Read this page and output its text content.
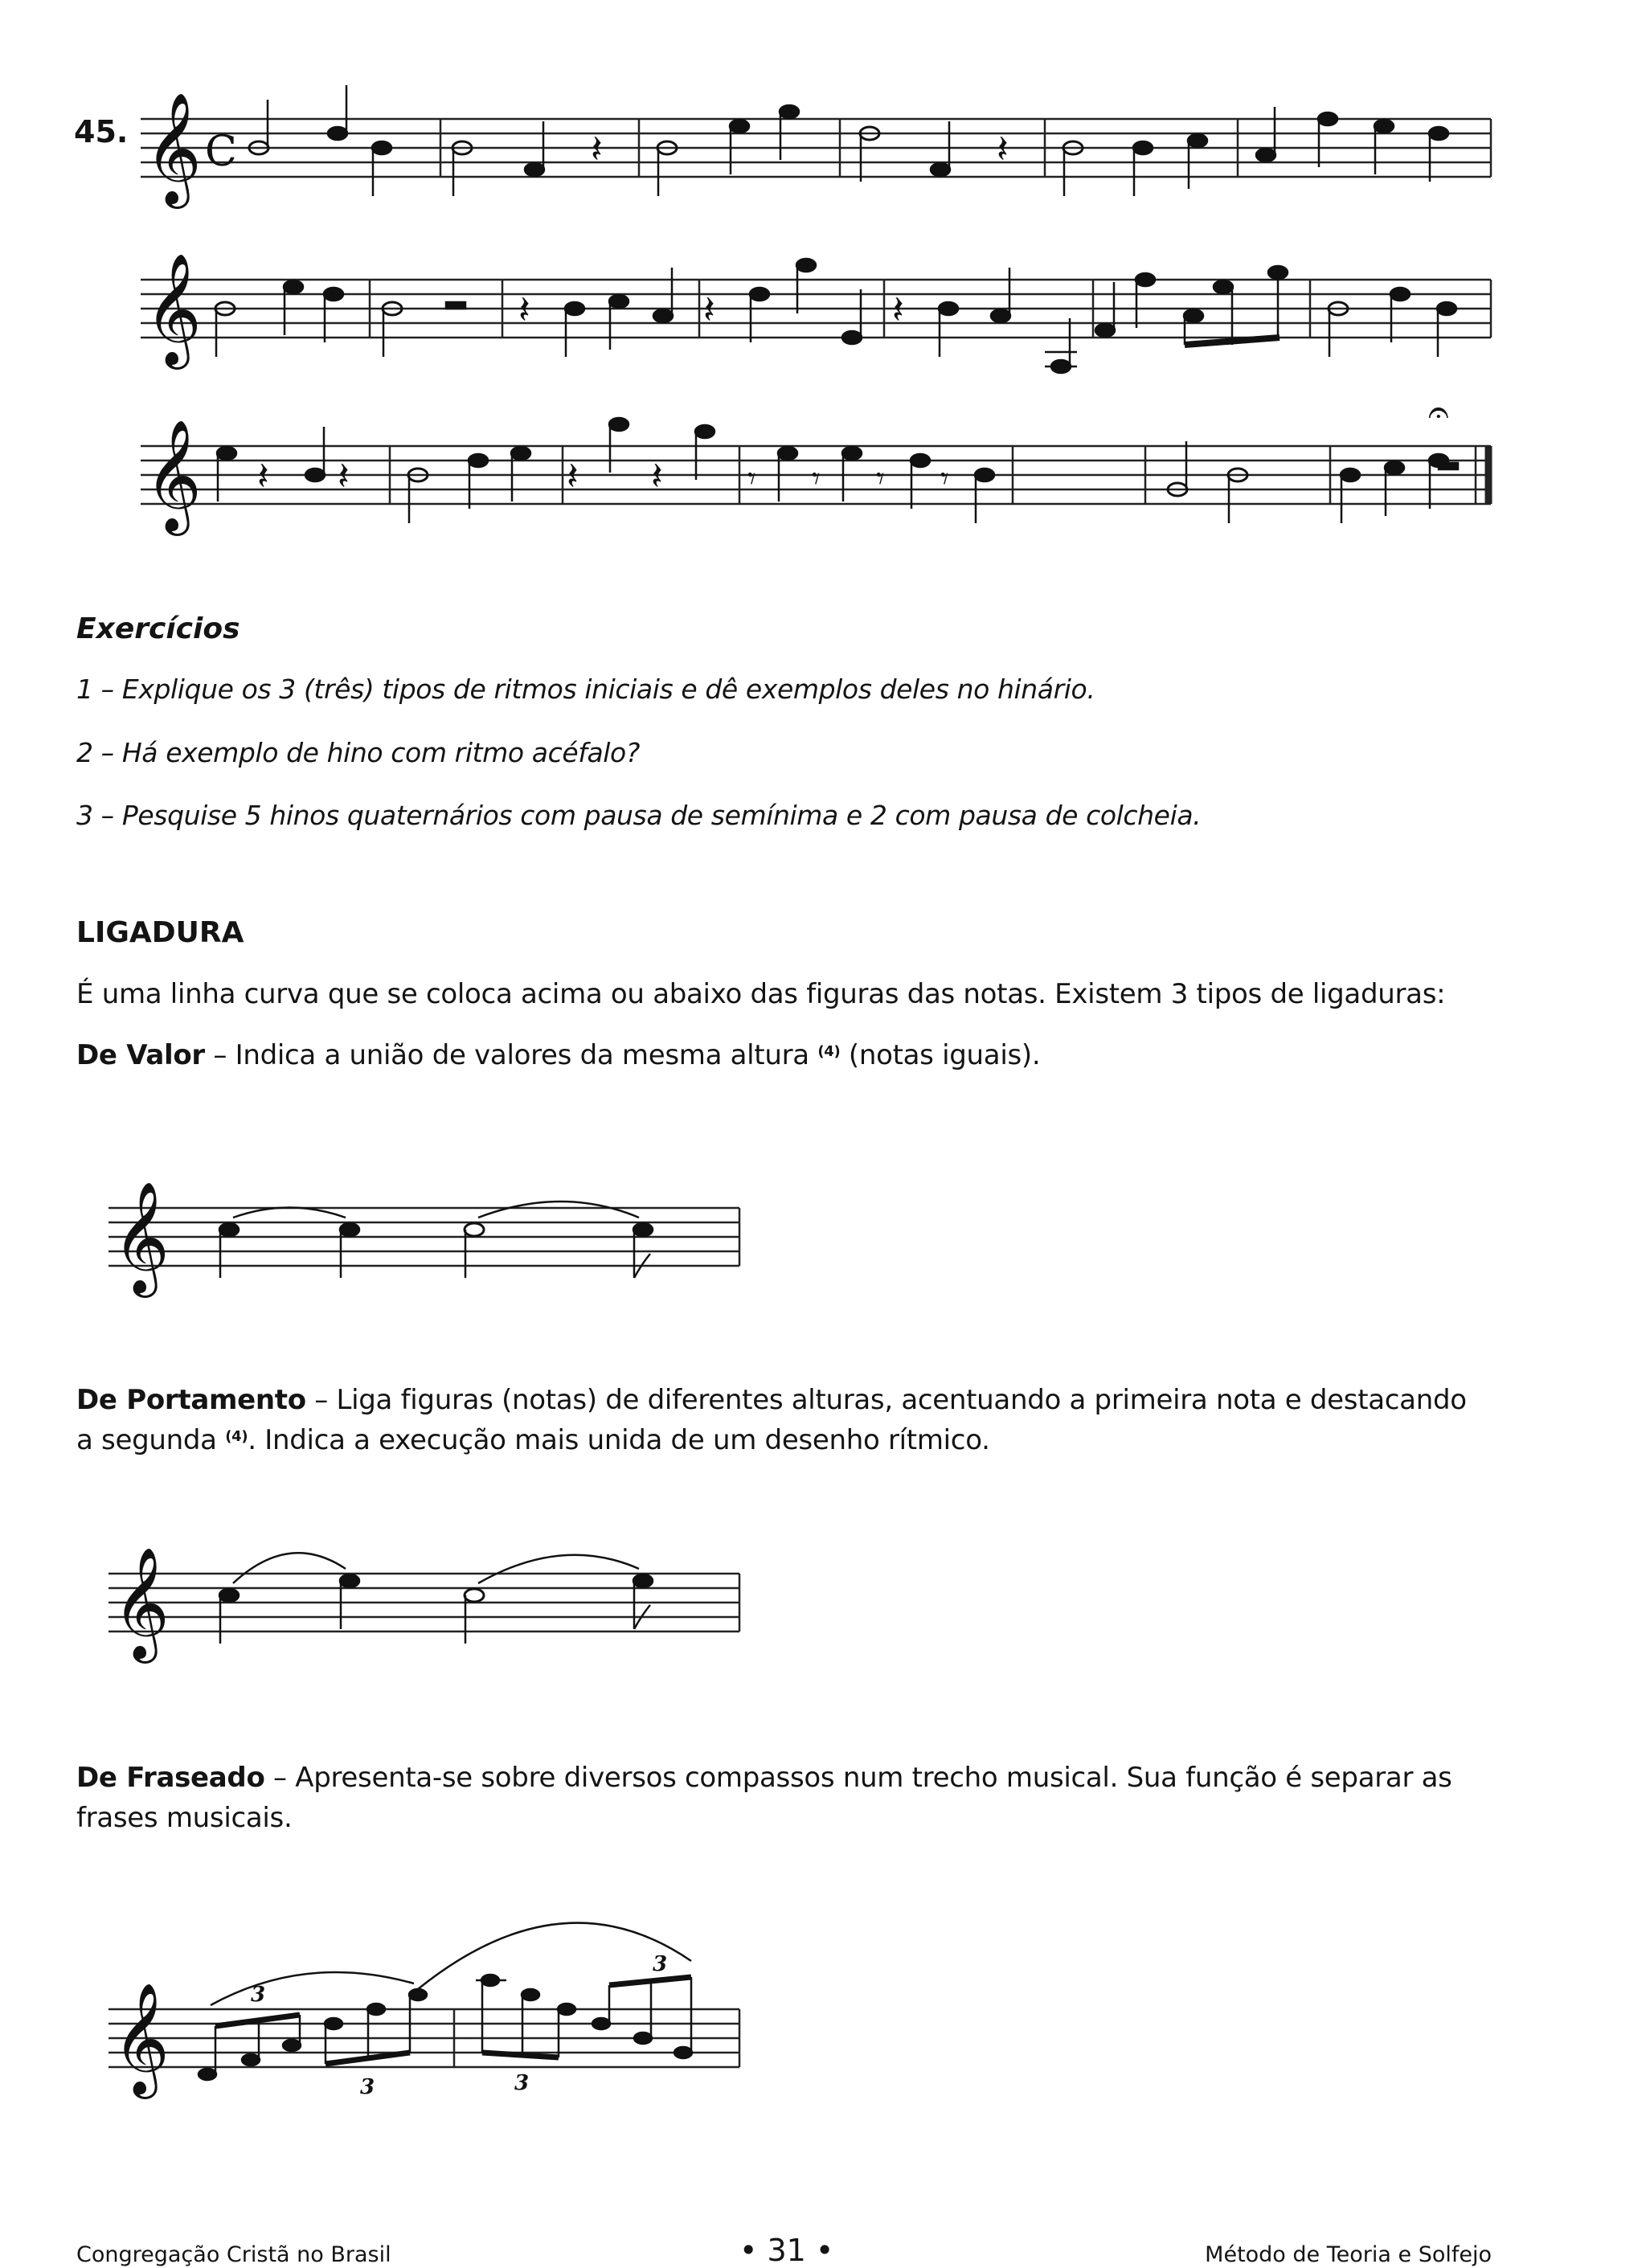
𝄞
𝄞
𝄞
C	𝄽	𝄽
𝄽	𝄽	𝄽
𝄽 𝄽	𝄽 𝄽	𝄾 𝄾 𝄾 𝄾
𝄐
𝄞
𝄞
𝄞	3
3	3
3
45.
Exercícios
1 – Explique os 3 (três) tipos de ritmos iniciais e dê exemplos deles no hinário.
2 – Há exemplo de hino com ritmo acéfalo?
3 – Pesquise 5 hinos quaternários com pausa de semínima e 2 com pausa de colcheia.
LIGADURA
É uma linha curva que se coloca acima ou abaixo das figuras das notas. Existem 3 tipos de ligaduras:
De Valor – Indica a união de valores da mesma altura $^{(4)}$ (notas iguais).
De Portamento – Liga figuras (notas) de diferentes alturas, acentuando a primeira nota e destacando a segunda $^{(4)}$. Indica a execução mais unida de um desenho rítmico.
De Fraseado – Apresenta-se sobre diversos compassos num trecho musical. Sua função é separar as frases musicais.
Congregação Cristã no Brasil	• 31 •	Método de Teoria e Solfejo
